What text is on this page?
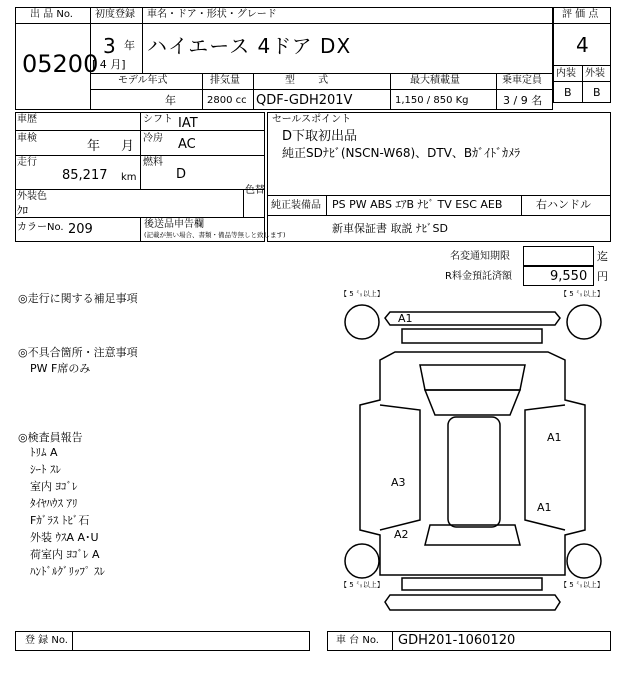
出 品 No.
05200
初度登録
3 年
[ 4 月]
車名・ドア・形状・グレード
ハイエース 4ドア DX
モデル年式
年
排気量
2800 cc
型 式
QDF-GDH201V
最大積載量
1,150 / 850 Kg
乗車定員
3 / 9 名
評 価 点
4
内装 外装
B B
車歴	シフト IAT
車検
年 月
冷房 AC
走行
85,217 km
燃料
D
外装色
ｸﾛ
色替
カラーNo. 209	後送品申告欄
(記載が無い場合、書類・備品等無しと致します)
セールスポイント
D下取初出品
純正SDﾅﾋﾞ(NSCN-W68)、DTV、Bｶﾞｲﾄﾞｶﾒﾗ
純正装備品 PS PW ABS ｴｱB ﾅﾋﾞ TV ESC AEB	右ハンドル
新車保証書 取説 ﾅﾋﾞSD
名変通知期限	迄
R料金預託済額	9,550 円
◎走行に関する補足事項
◎不具合箇所・注意事項
PW F席のみ
◎検査員報告
ﾄﾘﾑ A
ｼｰﾄ ｽﾚ
室内 ﾖｺﾞﾚ
ﾀｲﾔﾊｳｽ ｱﾘ
Fｶﾞﾗｽ ﾄﾋﾞ石
外装 ｳｽA A･U
荷室内 ﾖｺﾞﾚ A
ﾊﾝﾄﾞﾙｸﾞﾘｯﾌﾟ ｽﾚ
【 5 ㍉以上】	【 5 ㍉以上】
【 5 ㍉以上】	【 5 ㍉以上】
A1
A1
A3
A1
A2
登 録 No.	車 台 No. GDH201-1060120
